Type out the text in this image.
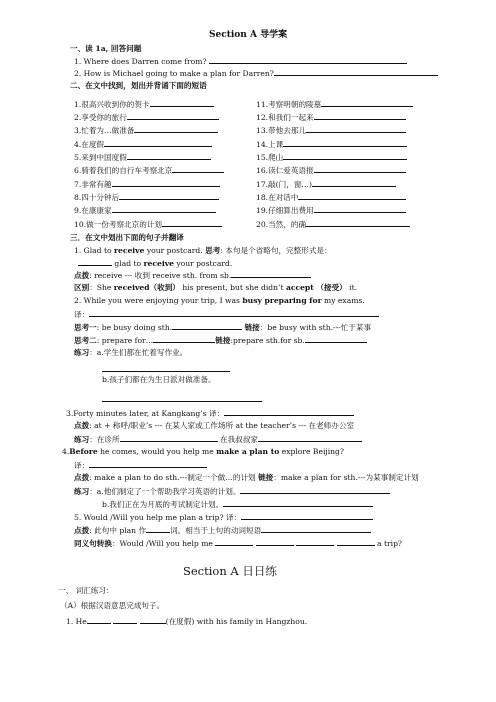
Section A 导学案
一、读 1a, 回答问题
1. Where does Darren come from?
2. How is Michael going to make a plan for Darren?
二、在文中找到，划出并背诵下面的短语
1.很高兴收到你的贺卡
2.享受你的旅行
3.忙着为…做准备
4.在度假
5.来到中国度假
6.骑着我们的自行车考察北京
7.非常有趣
8.四十分钟后
9.在康康家
10.做一份考察北京的计划
11.考察明朝的陵墓
12.和我们一起来
13.带他去那儿
14.上课
15.爬山
16.读仁爱英语报
17.敲(门，窗…)
18.在对话中
19.仔细算出费用
20.当然，的确
三．在文中划出下面的句子并翻译
1. Glad to receive your postcard. 思考: 本句是个省略句，完整形式是：
glad to receive your postcard.
点拨: receive --- 收到 receive sth. from sb.
区别：She received（收到） his present, but she didn’t accept （接受） it.
2. While you were enjoying your trip, I was busy preparing for my exams.
译：
思考一: be busy doing sth.	链接：be busy with sth.---忙于某事
思考二: prepare for…	链接:prepare sth.for sb.
练习：a.学生们都在忙着写作业。
b.孩子们都在为生日派对做准备。
3.Forty minutes later, at Kangkang’s 译：
点拨: at + 称呼/职业’s --- 在某人家或工作场所 at the teacher’s --- 在老师办公室
练习：在诊所	在我叔叔家
4.Before he comes, would you help me make a plan to explore Beijing?
译：
点拨: make a plan to do sth.---制定一个做…的计划 链接：make a plan for sth.---为某事制定计划
练习：a.他们制定了一个帮助我学习英语的计划。
b.我们正在为月底的考试制定计划。
5. Would /Will you help me plan a trip? 译：
点拨: 此句中 plan 作	词。相当于上句的动词短语
同义句转换：Would /Will you help me	a trip?
Section A 日日练
一、 词汇练习：
（A）根据汉语意思完成句子。
1. He	(在度假) with his family in Hangzhou.
